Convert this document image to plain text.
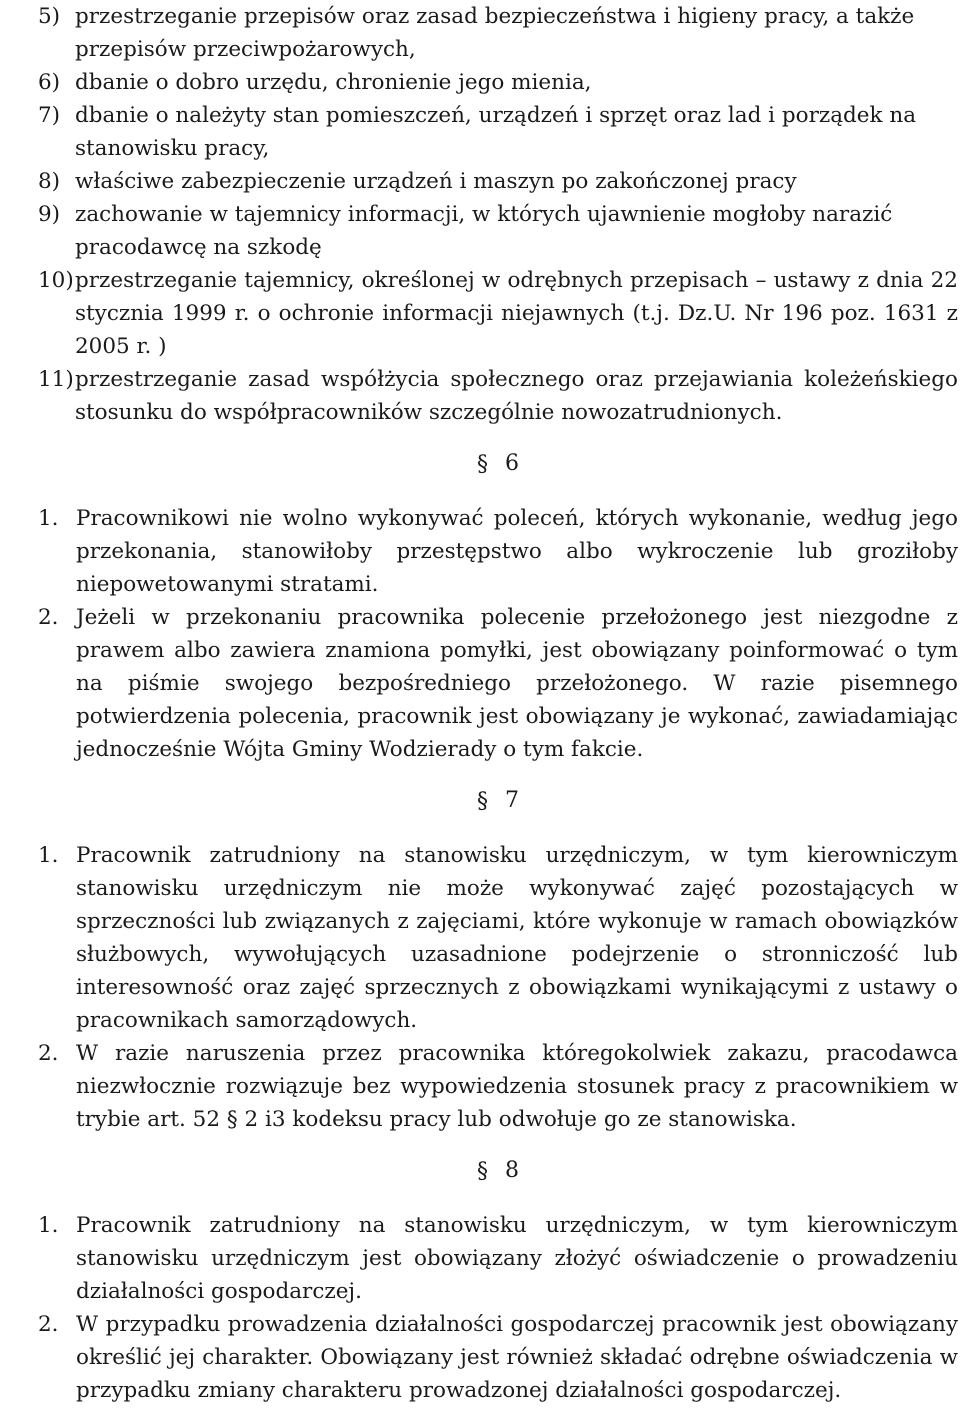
5) przestrzeganie przepisów oraz zasad bezpieczeństwa i higieny pracy, a także przepisów przeciwpożarowych,
6) dbanie o dobro urzędu, chronienie jego mienia,
7) dbanie o należyty stan pomieszczeń, urządzeń i sprzęt oraz lad i porządek na stanowisku pracy,
8) właściwe zabezpieczenie urządzeń i maszyn po zakończonej pracy
9) zachowanie w tajemnicy informacji, w których ujawnienie mogłoby narazić pracodawcę na szkodę
10) przestrzeganie tajemnicy, określonej w odrębnych przepisach – ustawy z dnia 22 stycznia 1999 r. o ochronie informacji niejawnych (t.j. Dz.U. Nr 196 poz. 1631 z 2005 r. )
11) przestrzeganie zasad współżycia społecznego oraz przejawiania koleżeńskiego stosunku do współpracowników szczególnie nowozatrudnionych.
§ 6
1. Pracownikowi nie wolno wykonywać poleceń, których wykonanie, według jego przekonania, stanowiłoby przestępstwo albo wykroczenie lub groziłoby niepowetowanymi stratami.
2. Jeżeli w przekonaniu pracownika polecenie przełożonego jest niezgodne z prawem albo zawiera znamiona pomyłki, jest obowiązany poinformować o tym na piśmie swojego bezpośredniego przełożonego. W razie pisemnego potwierdzenia polecenia, pracownik jest obowiązany je wykonać, zawiadamiając jednocześnie Wójta Gminy Wodzierady o tym fakcie.
§ 7
1. Pracownik zatrudniony na stanowisku urzędniczym, w tym kierowniczym stanowisku urzędniczym nie może wykonywać zajęć pozostających w sprzeczności lub związanych z zajęciami, które wykonuje w ramach obowiązków służbowych, wywołujących uzasadnione podejrzenie o stronniczość lub interesowność oraz zajęć sprzecznych z obowiązkami wynikającymi z ustawy o pracownikach samorządowych.
2. W razie naruszenia przez pracownika któregokolwiek zakazu, pracodawca niezwłocznie rozwiązuje bez wypowiedzenia stosunek pracy z pracownikiem w trybie art. 52 § 2 i3 kodeksu pracy lub odwołuje go ze stanowiska.
§ 8
1. Pracownik zatrudniony na stanowisku urzędniczym, w tym kierowniczym stanowisku urzędniczym jest obowiązany złożyć oświadczenie o prowadzeniu działalności gospodarczej.
2. W przypadku prowadzenia działalności gospodarczej pracownik jest obowiązany określić jej charakter. Obowiązany jest również składać odrębne oświadczenia w przypadku zmiany charakteru prowadzonej działalności gospodarczej.
